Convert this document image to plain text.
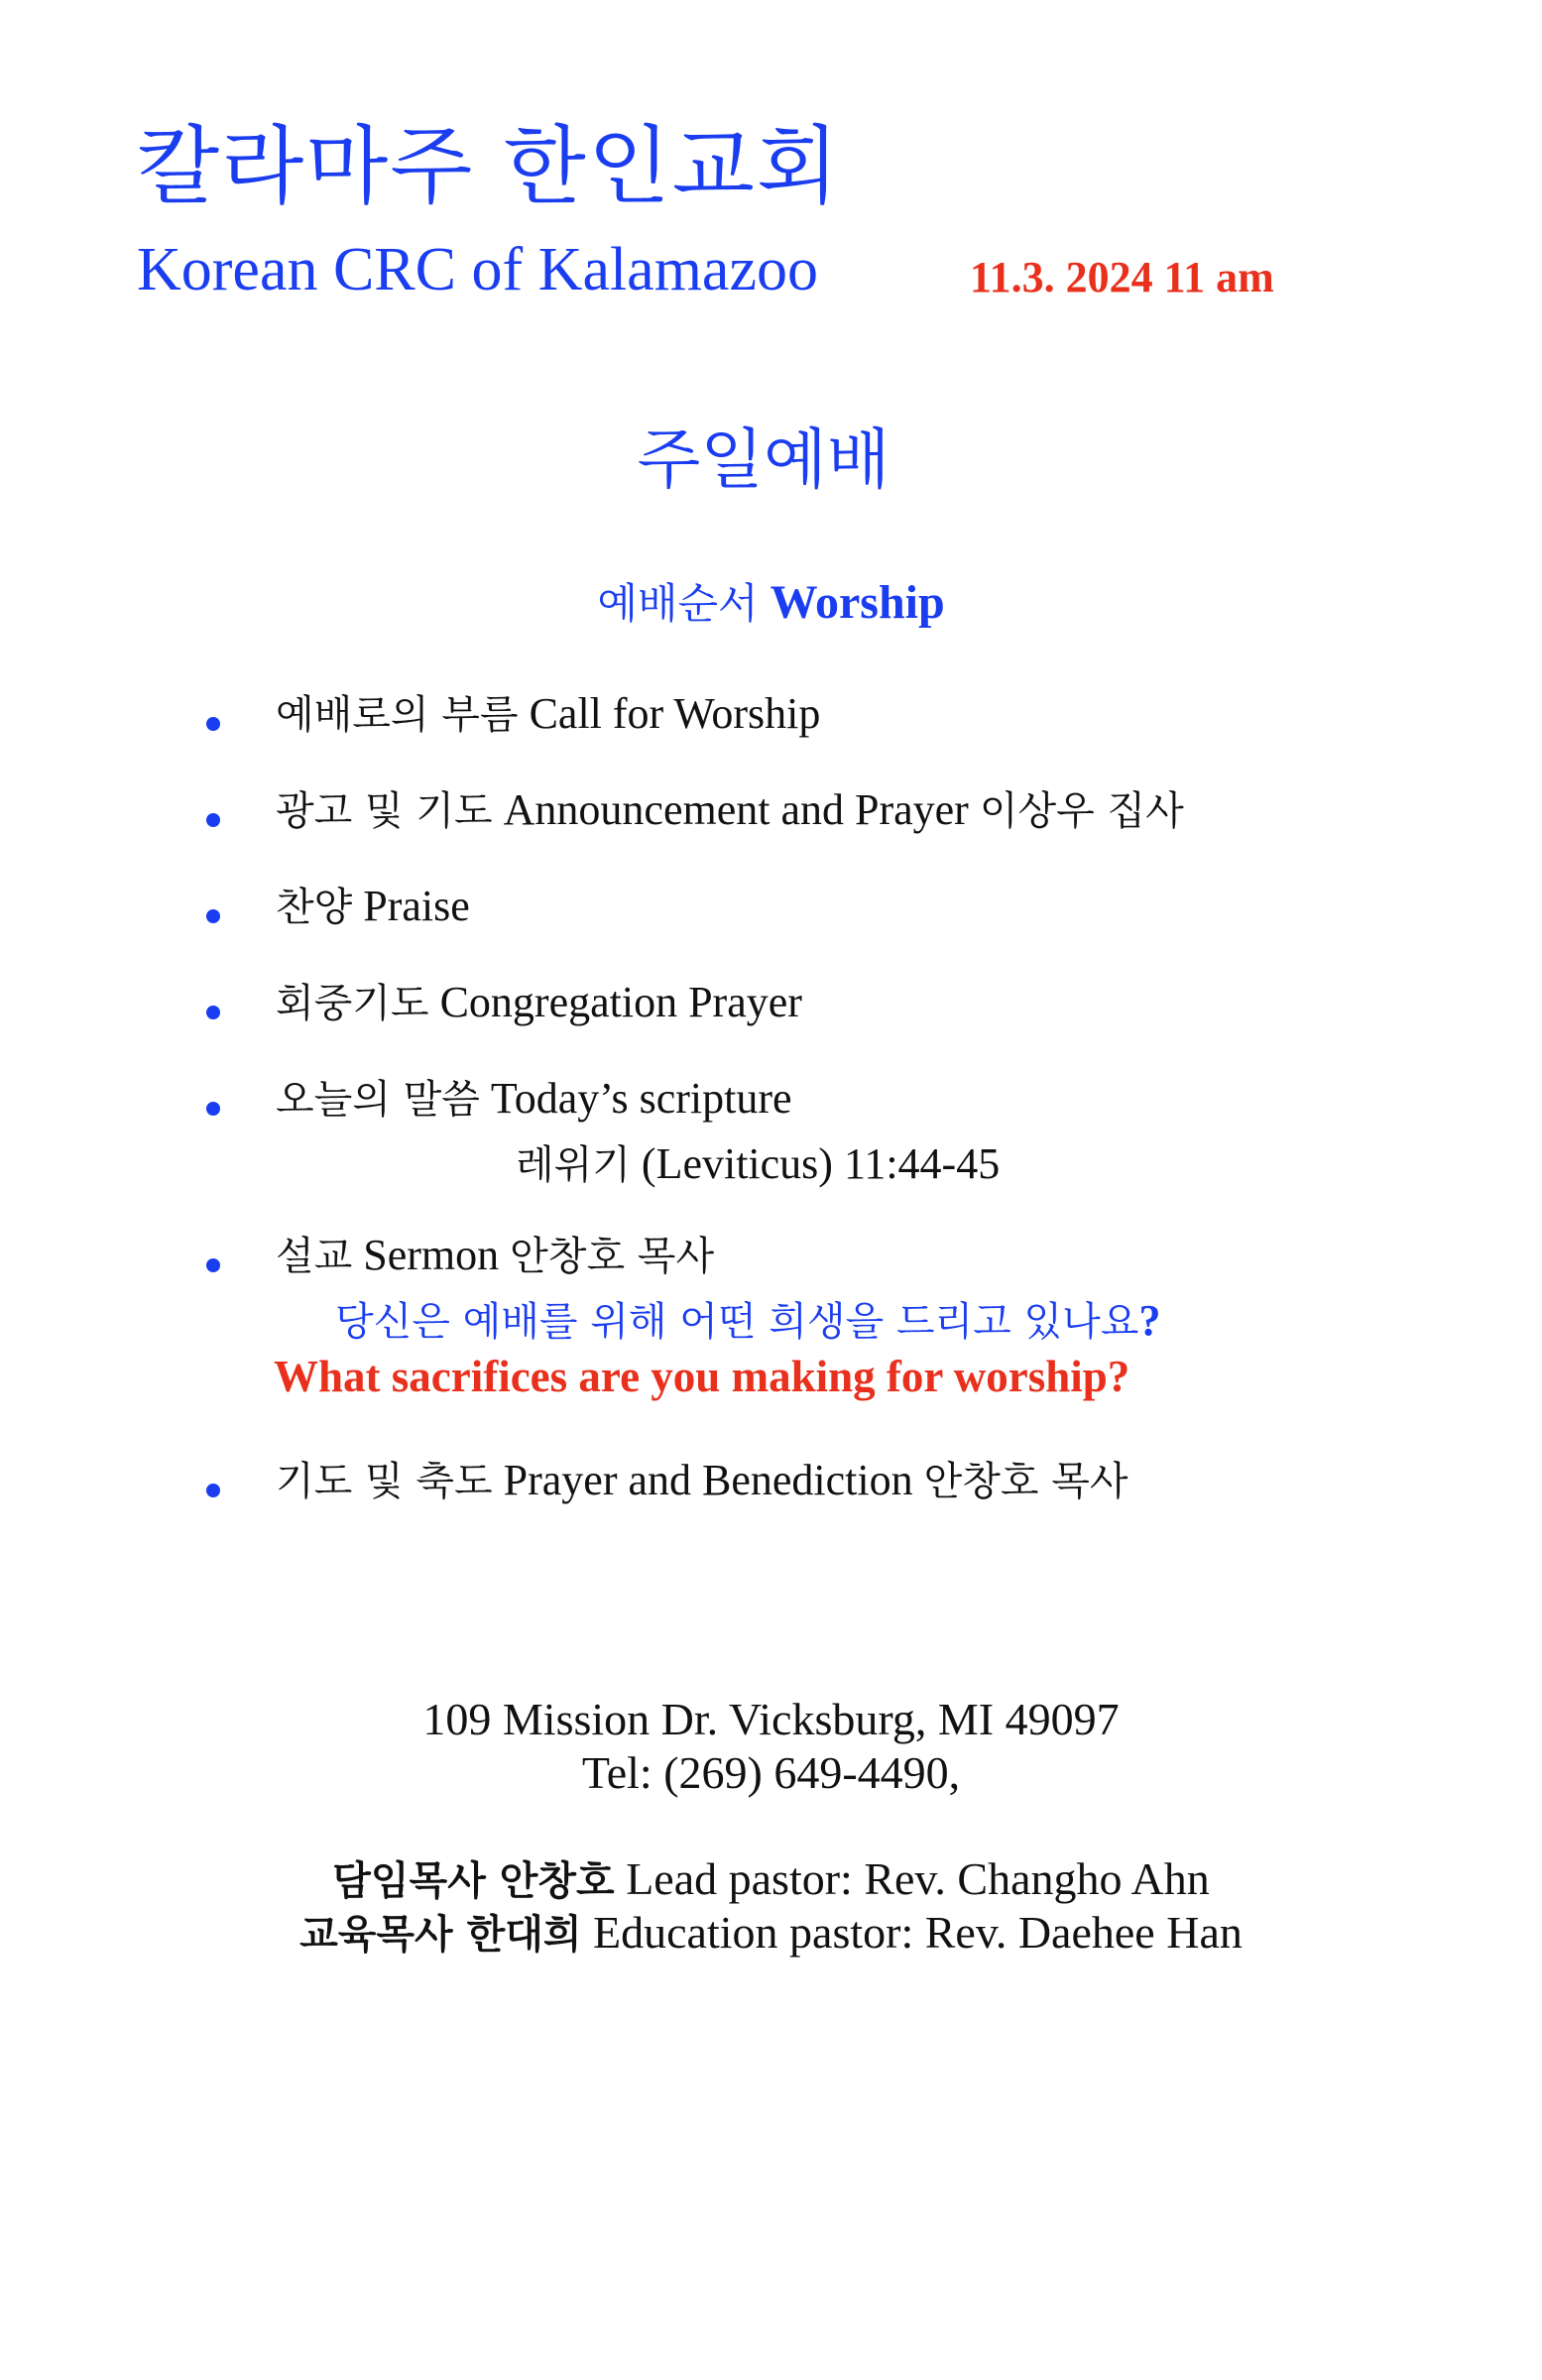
칼라마주 한인교회
Korean CRC of Kalamazoo	11.3. 2024 11 am
주일예배
예배순서 Worship
예배로의 부름 Call for Worship
광고 및 기도 Announcement and Prayer 이상우 집사
찬양 Praise
회중기도 Congregation Prayer
오늘의 말씀 Today’s scripture
레위기 (Leviticus) 11:44-45
설교 Sermon 안창호 목사
당신은 예배를 위해 어떤 희생을 드리고 있나요?
What sacrifices are you making for worship?
기도 및 축도 Prayer and Benediction 안창호 목사
109 Mission Dr. Vicksburg, MI 49097
Tel: (269) 649-4490,
담임목사 안창호 Lead pastor: Rev. Changho Ahn
교육목사 한대희 Education pastor: Rev. Daehee Han
